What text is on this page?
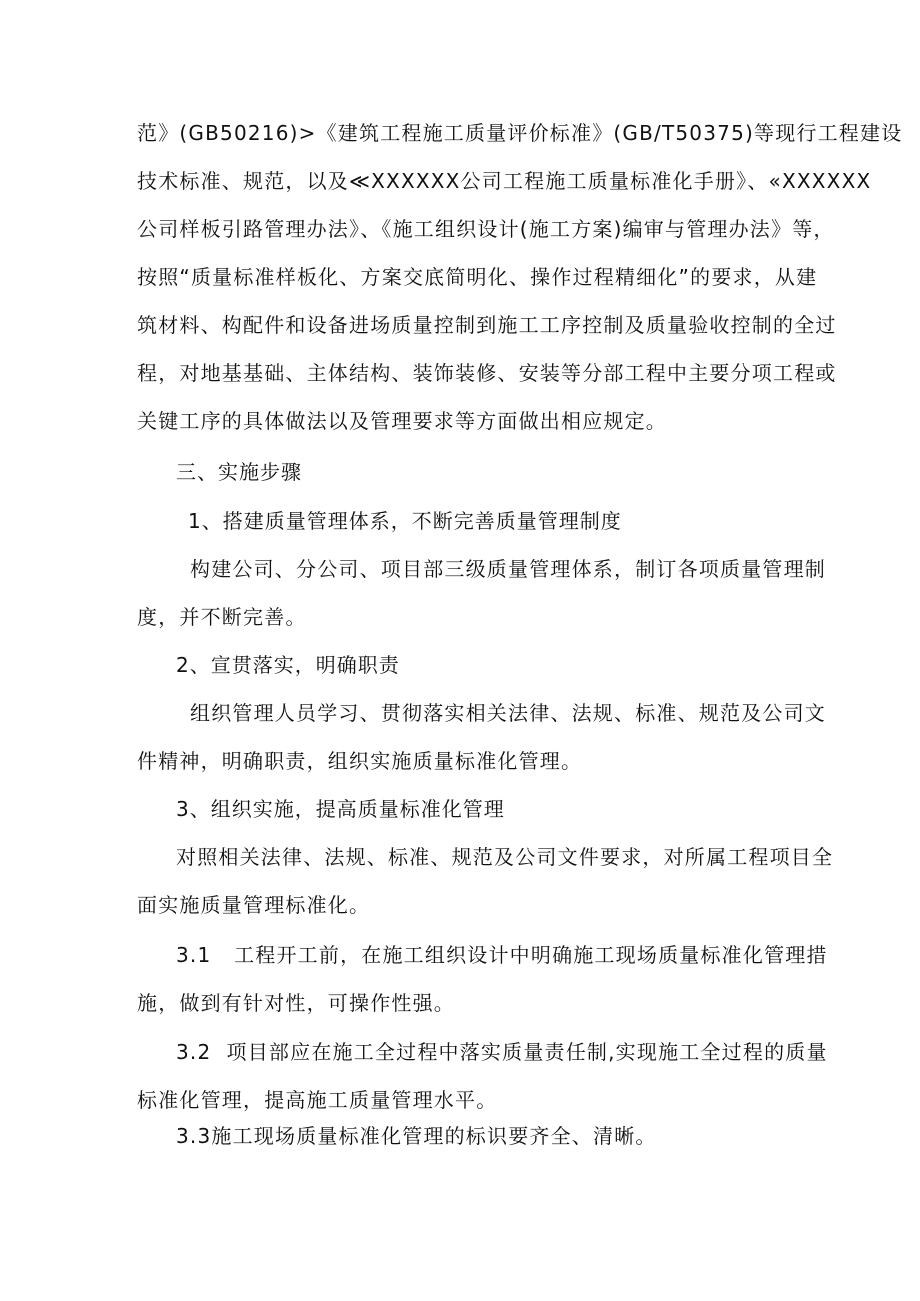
范》(GB50216)>《建筑工程施工质量评价标准》(GB/T50375)等现行工程建设
技术标准、规范，以及≪XXXXXX公司工程施工质量标准化手册》、«XXXXXX
公司样板引路管理办法》、《施工组织设计(施工方案)编审与管理办法》等，
按照“质量标准样板化、方案交底简明化、操作过程精细化”的要求，从建
筑材料、构配件和设备进场质量控制到施工工序控制及质量验收控制的全过
程，对地基基础、主体结构、装饰装修、安装等分部工程中主要分项工程或
关键工序的具体做法以及管理要求等方面做出相应规定。
三、实施步骤
1、搭建质量管理体系，不断完善质量管理制度
构建公司、分公司、项目部三级质量管理体系，制订各项质量管理制
度，并不断完善。
2、宣贯落实，明确职责
组织管理人员学习、贯彻落实相关法律、法规、标准、规范及公司文
件精神，明确职责，组织实施质量标准化管理。
3、组织实施，提高质量标准化管理
对照相关法律、法规、标准、规范及公司文件要求，对所属工程项目全
面实施质量管理标准化。
3.1   工程开工前，在施工组织设计中明确施工现场质量标准化管理措
施，做到有针对性，可操作性强。
3.2  项目部应在施工全过程中落实质量责任制,实现施工全过程的质量
标准化管理，提高施工质量管理水平。
3.3施工现场质量标准化管理的标识要齐全、清晰。
